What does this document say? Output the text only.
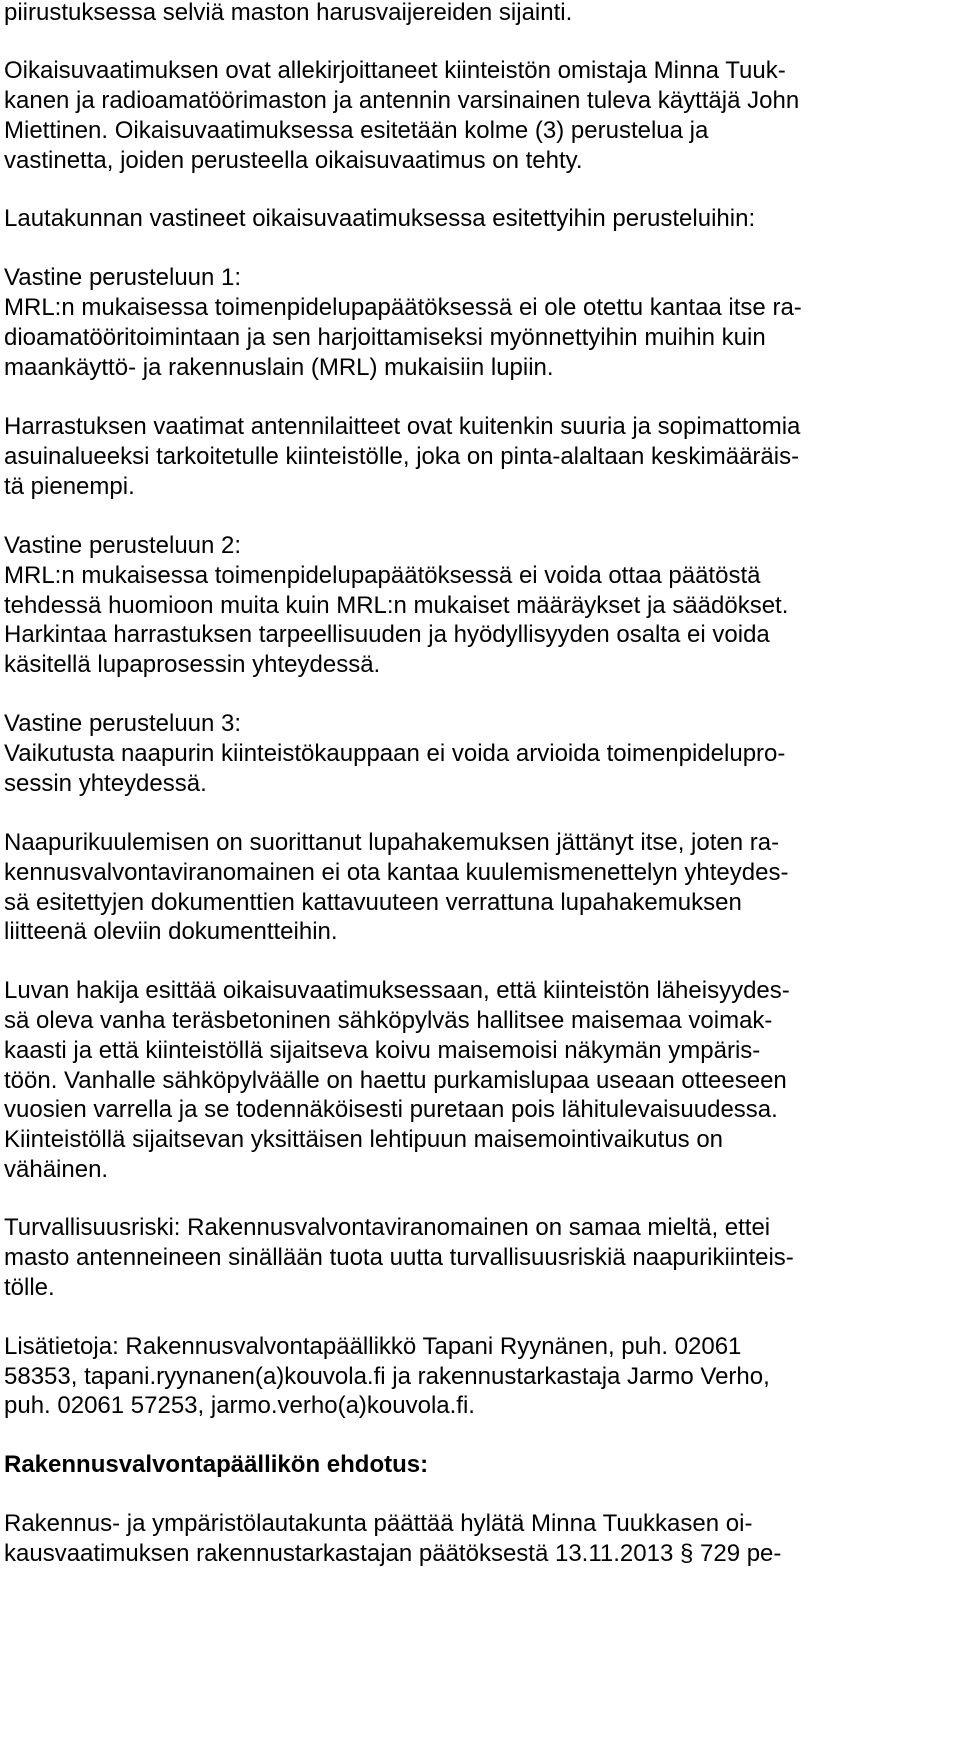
piirustuksessa selviä maston harusvaijereiden sijainti.
Oikaisuvaatimuksen ovat allekirjoittaneet kiinteistön omistaja Minna Tuuk-
kanen ja radioamatöörimaston ja antennin varsinainen tuleva käyttäjä John
Miettinen. Oikaisuvaatimuksessa esitetään kolme (3) perustelua ja
vastinetta, joiden perusteella oikaisuvaatimus on tehty.
Lautakunnan vastineet oikaisuvaatimuksessa esitettyihin perusteluihin:
Vastine perusteluun 1:
MRL:n mukaisessa toimenpidelupapäätöksessä ei ole otettu kantaa itse ra-
dioamatööritoimintaan ja sen harjoittamiseksi myönnettyihin muihin kuin
maankäyttö- ja rakennuslain (MRL) mukaisiin lupiin.
Harrastuksen vaatimat antennilaitteet ovat kuitenkin suuria ja sopimattomia
asuinalueeksi tarkoitetulle kiinteistölle, joka on pinta-alaltaan keskimääräis-
tä pienempi.
Vastine perusteluun 2:
MRL:n mukaisessa toimenpidelupapäätöksessä ei voida ottaa päätöstä
tehdessä huomioon muita kuin MRL:n mukaiset määräykset ja säädökset.
Harkintaa harrastuksen tarpeellisuuden ja hyödyllisyyden osalta ei voida
käsitellä lupaprosessin yhteydessä.
Vastine perusteluun 3:
Vaikutusta naapurin kiinteistökauppaan ei voida arvioida toimenpidelupro-
sessin yhteydessä.
Naapurikuulemisen on suorittanut lupahakemuksen jättänyt itse, joten ra-
kennusvalvontaviranomainen ei ota kantaa kuulemismenettelyn yhteydes-
sä esitettyjen dokumenttien kattavuuteen verrattuna lupahakemuksen
liitteenä oleviin dokumentteihin.
Luvan hakija esittää oikaisuvaatimuksessaan, että kiinteistön läheisyydes-
sä oleva vanha teräsbetoninen sähköpylväs hallitsee maisemaa voimak-
kaasti ja että kiinteistöllä sijaitseva koivu maisemoisi näkymän ympäris-
töön. Vanhalle sähköpylväälle on haettu purkamislupaa useaan otteeseen
vuosien varrella ja se todennäköisesti puretaan pois lähitulevaisuudessa.
Kiinteistöllä sijaitsevan yksittäisen lehtipuun maisemointivaikutus on
vähäinen.
Turvallisuusriski: Rakennusvalvontaviranomainen on samaa mieltä, ettei
masto antenneineen sinällään tuota uutta turvallisuusriskiä naapurikiinteis-
tölle.
Lisätietoja: Rakennusvalvontapäällikkö Tapani Ryynänen, puh. 02061
58353, tapani.ryynanen(a)kouvola.fi ja rakennustarkastaja Jarmo Verho,
puh. 02061 57253, jarmo.verho(a)kouvola.fi.
Rakennusvalvontapäällikön ehdotus:
Rakennus- ja ympäristölautakunta päättää hylätä Minna Tuukkasen oi-
kausvaatimuksen rakennustarkastajan päätöksestä 13.11.2013 § 729 pe-
